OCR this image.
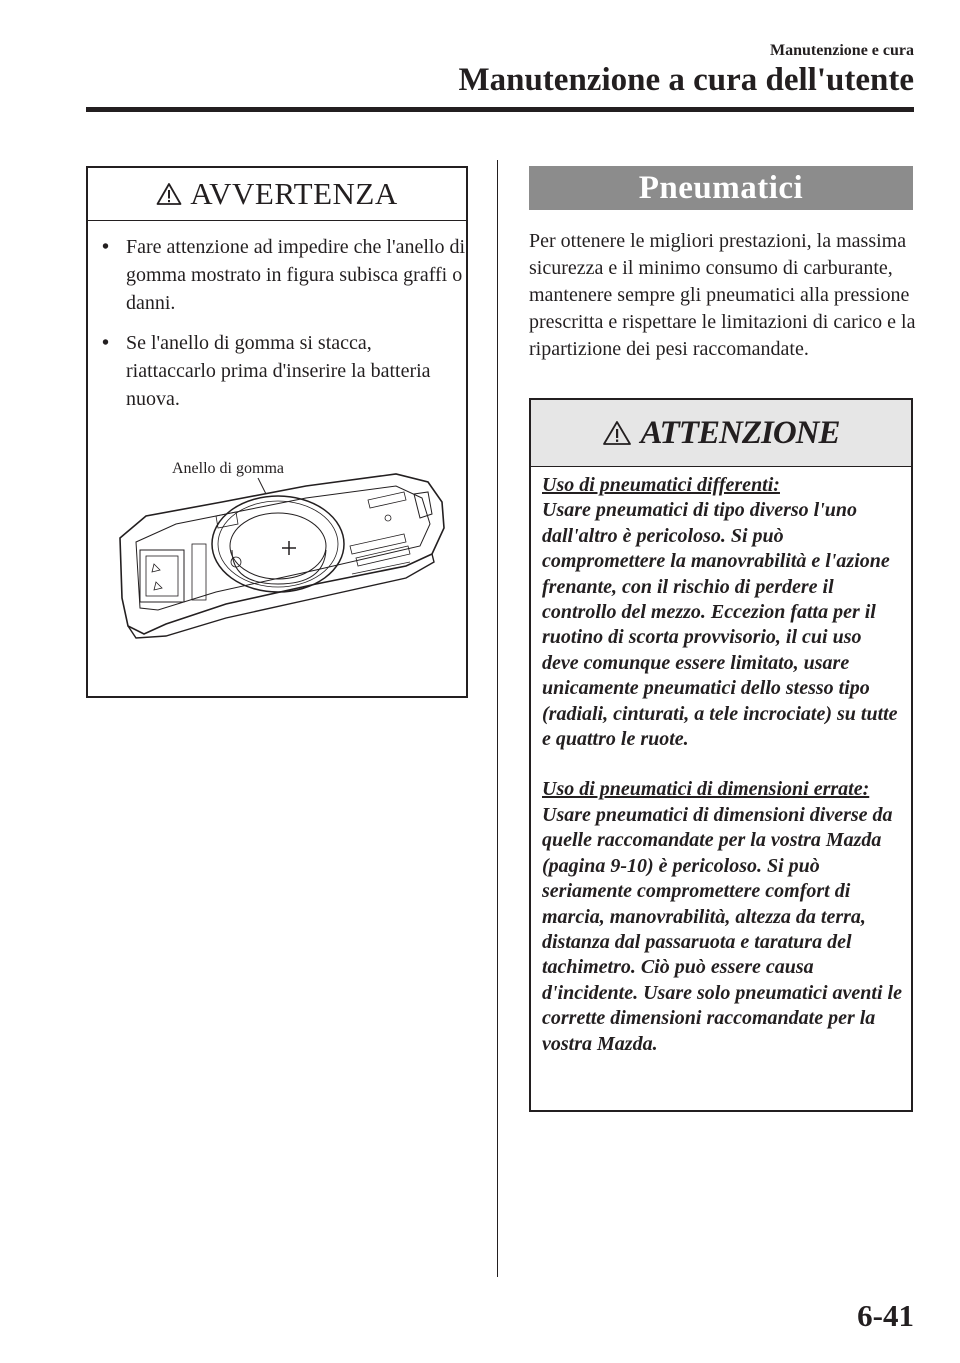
Manutenzione e cura
Manutenzione a cura dell'utente
AVVERTENZA
• Fare attenzione ad impedire che l'anello di gomma mostrato in figura subisca graffi o danni.
• Se l'anello di gomma si stacca, riattaccarlo prima d'inserire la batteria nuova.
Anello di gomma
Pneumatici

Per ottenere le migliori prestazioni, la massima sicurezza e il minimo consumo di carburante, mantenere sempre gli pneumatici alla pressione prescritta e rispettare le limitazioni di carico e la ripartizione dei pesi raccomandate.

ATTENZIONE

Uso di pneumatici differenti:

Usare pneumatici di tipo diverso l'uno dall'altro è pericoloso. Si può compromettere la manovrabilità e l'azione frenante, con il rischio di perdere il controllo del mezzo. Eccezion fatta per il ruotino di scorta provvisorio, il cui uso deve comunque essere limitato, usare unicamente pneumatici dello stesso tipo (radiali, cinturati, a tele incrociate) su tutte e quattro le ruote.

Uso di pneumatici di dimensioni errate:

Usare pneumatici di dimensioni diverse da quelle raccomandate per la vostra Mazda (pagina 9-10) è pericoloso. Si può seriamente compromettere comfort di marcia, manovrabilità, altezza da terra, distanza dal passaruota e taratura del tachimetro. Ciò può essere causa d'incidente. Usare solo pneumatici aventi le corrette dimensioni raccomandate per la vostra Mazda.

6-41
